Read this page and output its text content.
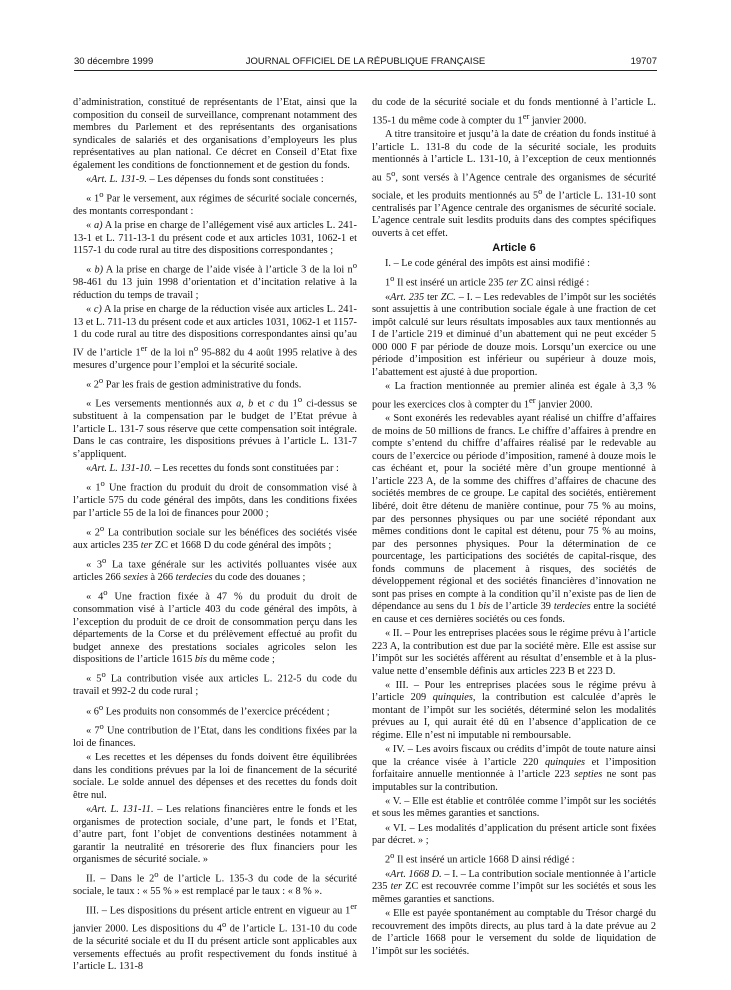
30 décembre 1999	JOURNAL OFFICIEL DE LA RÉPUBLIQUE FRANÇAISE	19707

d’administration, constitué de représentants de l’Etat, ainsi que la composition du conseil de surveillance, comprenant notamment des membres du Parlement et des représentants des organisations syndicales de salariés et des organisations d’employeurs les plus représentatives au plan national. Ce décret en Conseil d’Etat fixe également les conditions de fonctionnement et de gestion du fonds.

«Art. L. 131-9. – Les dépenses du fonds sont constituées :

« 1$^o$ Par le versement, aux régimes de sécurité sociale concernés, des montants correspondant :

« a) A la prise en charge de l’allégement visé aux articles L. 241-13-1 et L. 711-13-1 du présent code et aux articles 1031, 1062-1 et 1157-1 du code rural au titre des dispositions correspondantes ;

« b) A la prise en charge de l’aide visée à l’article 3 de la loi $n^o$ 98-461 du 13 juin 1998 d’orientation et d’incitation relative à la réduction du temps de travail ;

« c) A la prise en charge de la réduction visée aux articles L. 241-13 et L. 711-13 du présent code et aux articles 1031, 1062-1 et 1157-1 du code rural au titre des dispositions correspondantes ainsi qu’au IV de l’article 1er de la loi $n^o$ 95-882 du 4 août 1995 relative à des mesures d’urgence pour l’emploi et la sécurité sociale.

« 2$^o$ Par les frais de gestion administrative du fonds.

« Les versements mentionnés aux a, b et c du 1$^o$ ci-dessus se substituent à la compensation par le budget de l’Etat prévue à l’article L. 131-7 sous réserve que cette compensation soit intégrale. Dans le cas contraire, les dispositions prévues à l’article L. 131-7 s’appliquent.

«Art. L. 131-10. – Les recettes du fonds sont constituées par :

« 1$^o$ Une fraction du produit du droit de consommation visé à l’article 575 du code général des impôts, dans les conditions fixées par l’article 55 de la loi de finances pour 2000 ;

« 2$^o$ La contribution sociale sur les bénéfices des sociétés visée aux articles 235 ter ZC et 1668 D du code général des impôts ;

« 3$^o$ La taxe générale sur les activités polluantes visée aux articles 266 sexies à 266 terdecies du code des douanes ;

« 4$^o$ Une fraction fixée à 47 % du produit du droit de consommation visé à l’article 403 du code général des impôts, à l’exception du produit de ce droit de consommation perçu dans les départements de la Corse et du prélèvement effectué au profit du budget annexe des prestations sociales agricoles selon les dispositions de l’article 1615 bis du même code ;

« 5$^o$ La contribution visée aux articles L. 212-5 du code du travail et 992-2 du code rural ;

« 6$^o$ Les produits non consommés de l’exercice précédent ;

« 7$^o$ Une contribution de l’Etat, dans les conditions fixées par la loi de finances.

« Les recettes et les dépenses du fonds doivent être équilibrées dans les conditions prévues par la loi de financement de la sécurité sociale. Le solde annuel des dépenses et des recettes du fonds doit être nul.

«Art. L. 131-11. – Les relations financières entre le fonds et les organismes de protection sociale, d’une part, le fonds et l’Etat, d’autre part, font l’objet de conventions destinées notamment à garantir la neutralité en trésorerie des flux financiers pour les organismes de sécurité sociale. »

II. – Dans le 2$^o$ de l’article L. 135-3 du code de la sécurité sociale, le taux : « 55 % » est remplacé par le taux : « 8 % ».

III. – Les dispositions du présent article entrent en vigueur au 1er janvier 2000. Les dispositions du 4$^o$ de l’article L. 131-10 du code de la sécurité sociale et du II du présent article sont applicables aux versements effectués au profit respectivement du fonds institué à l’article L. 131-8

du code de la sécurité sociale et du fonds mentionné à l’article L. 135-1 du même code à compter du 1er janvier 2000.

A titre transitoire et jusqu’à la date de création du fonds institué à l’article L. 131-8 du code de la sécurité sociale, les produits mentionnés à l’article L. 131-10, à l’exception de ceux mentionnés au 5$^o$, sont versés à l’Agence centrale des organismes de sécurité sociale, et les produits mentionnés au 5$^o$ de l’article L. 131-10 sont centralisés par l’Agence centrale des organismes de sécurité sociale. L’agence centrale suit lesdits produits dans des comptes spécifiques ouverts à cet effet.

Article 6

I. – Le code général des impôts est ainsi modifié :

1$^o$ Il est inséré un article 235 ter ZC ainsi rédigé :

«Art. 235 ter ZC. – I. – Les redevables de l’impôt sur les sociétés sont assujettis à une contribution sociale égale à une fraction de cet impôt calculé sur leurs résultats imposables aux taux mentionnés au I de l’article 219 et diminué d’un abattement qui ne peut excéder 5 000 000 F par période de douze mois. Lorsqu’un exercice ou une période d’imposition est inférieur ou supérieur à douze mois, l’abattement est ajusté à due proportion.

« La fraction mentionnée au premier alinéa est égale à 3,3 % pour les exercices clos à compter du 1er janvier 2000.

« Sont exonérés les redevables ayant réalisé un chiffre d’affaires de moins de 50 millions de francs. Le chiffre d’affaires à prendre en compte s’entend du chiffre d’affaires réalisé par le redevable au cours de l’exercice ou période d’imposition, ramené à douze mois le cas échéant et, pour la société mère d’un groupe mentionné à l’article 223 A, de la somme des chiffres d’affaires de chacune des sociétés membres de ce groupe. Le capital des sociétés, entièrement libéré, doit être détenu de manière continue, pour 75 % au moins, par des personnes physiques ou par une société répondant aux mêmes conditions dont le capital est détenu, pour 75 % au moins, par des personnes physiques. Pour la détermination de ce pourcentage, les participations des sociétés de capital-risque, des fonds communs de placement à risques, des sociétés de développement régional et des sociétés financières d’innovation ne sont pas prises en compte à la condition qu’il n’existe pas de lien de dépendance au sens du 1 bis de l’article 39 terdecies entre la société en cause et ces dernières sociétés ou ces fonds.

« II. – Pour les entreprises placées sous le régime prévu à l’article 223 A, la contribution est due par la société mère. Elle est assise sur l’impôt sur les sociétés afférent au résultat d’ensemble et à la plus-value nette d’ensemble définis aux articles 223 B et 223 D.

« III. – Pour les entreprises placées sous le régime prévu à l’article 209 quinquies, la contribution est calculée d’après le montant de l’impôt sur les sociétés, déterminé selon les modalités prévues au I, qui aurait été dû en l’absence d’application de ce régime. Elle n’est ni imputable ni remboursable.

« IV. – Les avoirs fiscaux ou crédits d’impôt de toute nature ainsi que la créance visée à l’article 220 quinquies et l’imposition forfaitaire annuelle mentionnée à l’article 223 septies ne sont pas imputables sur la contribution.

« V. – Elle est établie et contrôlée comme l’impôt sur les sociétés et sous les mêmes garanties et sanctions.

« VI. – Les modalités d’application du présent article sont fixées par décret. » ;

2$^o$ Il est inséré un article 1668 D ainsi rédigé :

«Art. 1668 D. – I. – La contribution sociale mentionnée à l’article 235 ter ZC est recouvrée comme l’impôt sur les sociétés et sous les mêmes garanties et sanctions.

« Elle est payée spontanément au comptable du Trésor chargé du recouvrement des impôts directs, au plus tard à la date prévue au 2 de l’article 1668 pour le versement du solde de liquidation de l’impôt sur les sociétés.
